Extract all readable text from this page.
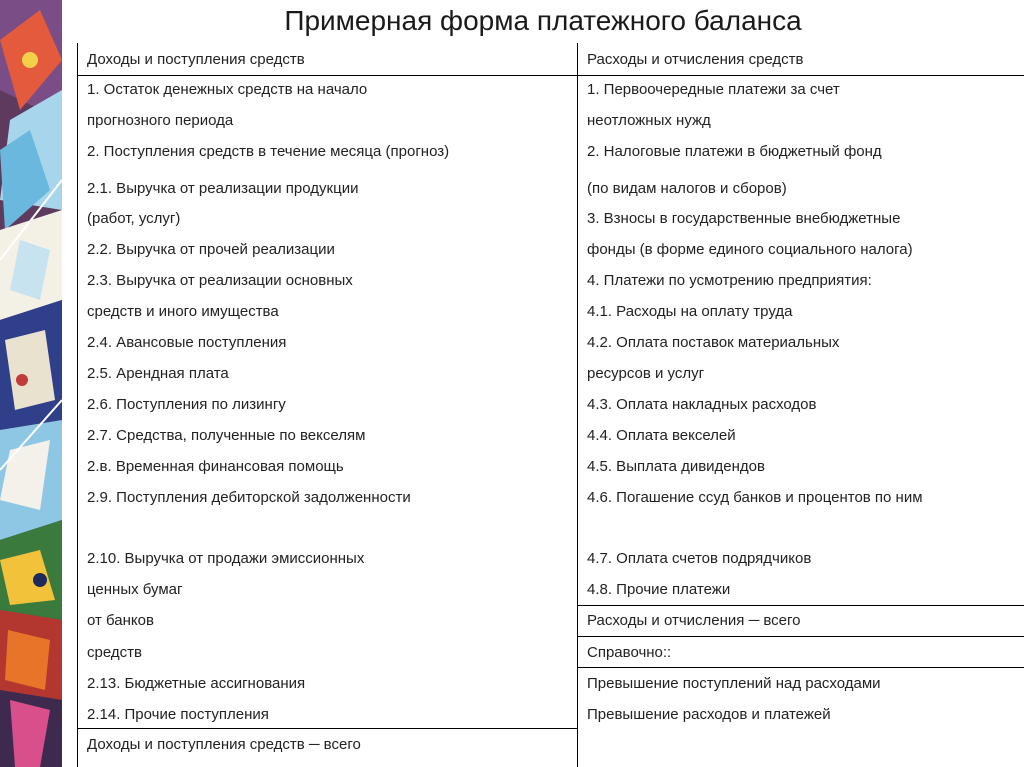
Примерная форма платежного баланса
Доходы и поступления средств	Расходы и отчисления средств
1. Остаток денежных средств на начало
прогнозного периода
2. Поступления средств в течение месяца (прогноз)
2.1. Выручка от реализации продукции
(работ, услуг)
2.2. Выручка от прочей реализации
2.3. Выручка от реализации основных
средств и иного имущества
2.4. Авансовые поступления
2.5. Арендная плата
2.6. Поступления по лизингу
2.7. Средства, полученные по векселям
2.в. Временная финансовая помощь
2.9. Поступления дебиторской задолженности
2.10. Выручка от продажи эмиссионных
ценных бумаг
от банков
средств
2.13. Бюджетные ассигнования
2.14. Прочие поступления
Доходы и поступления средств ─ всего
1. Первоочередные платежи за счет
неотложных нужд
2. Налоговые платежи в бюджетный фонд
(по видам налогов и сборов)
3. Взносы в государственные внебюджетные
фонды (в форме единого социального налога)
4. Платежи по усмотрению предприятия:
4.1. Расходы на оплату труда
4.2. Оплата поставок материальных
ресурсов и услуг
4.3. Оплата накладных расходов
4.4. Оплата векселей
4.5. Выплата дивидендов
4.6. Погашение ссуд банков и процентов по ним
4.7. Оплата счетов подрядчиков
4.8. Прочие платежи
Расходы и отчисления ─ всего
Справочно::
Превышение поступлений над расходами
Превышение расходов и платежей
